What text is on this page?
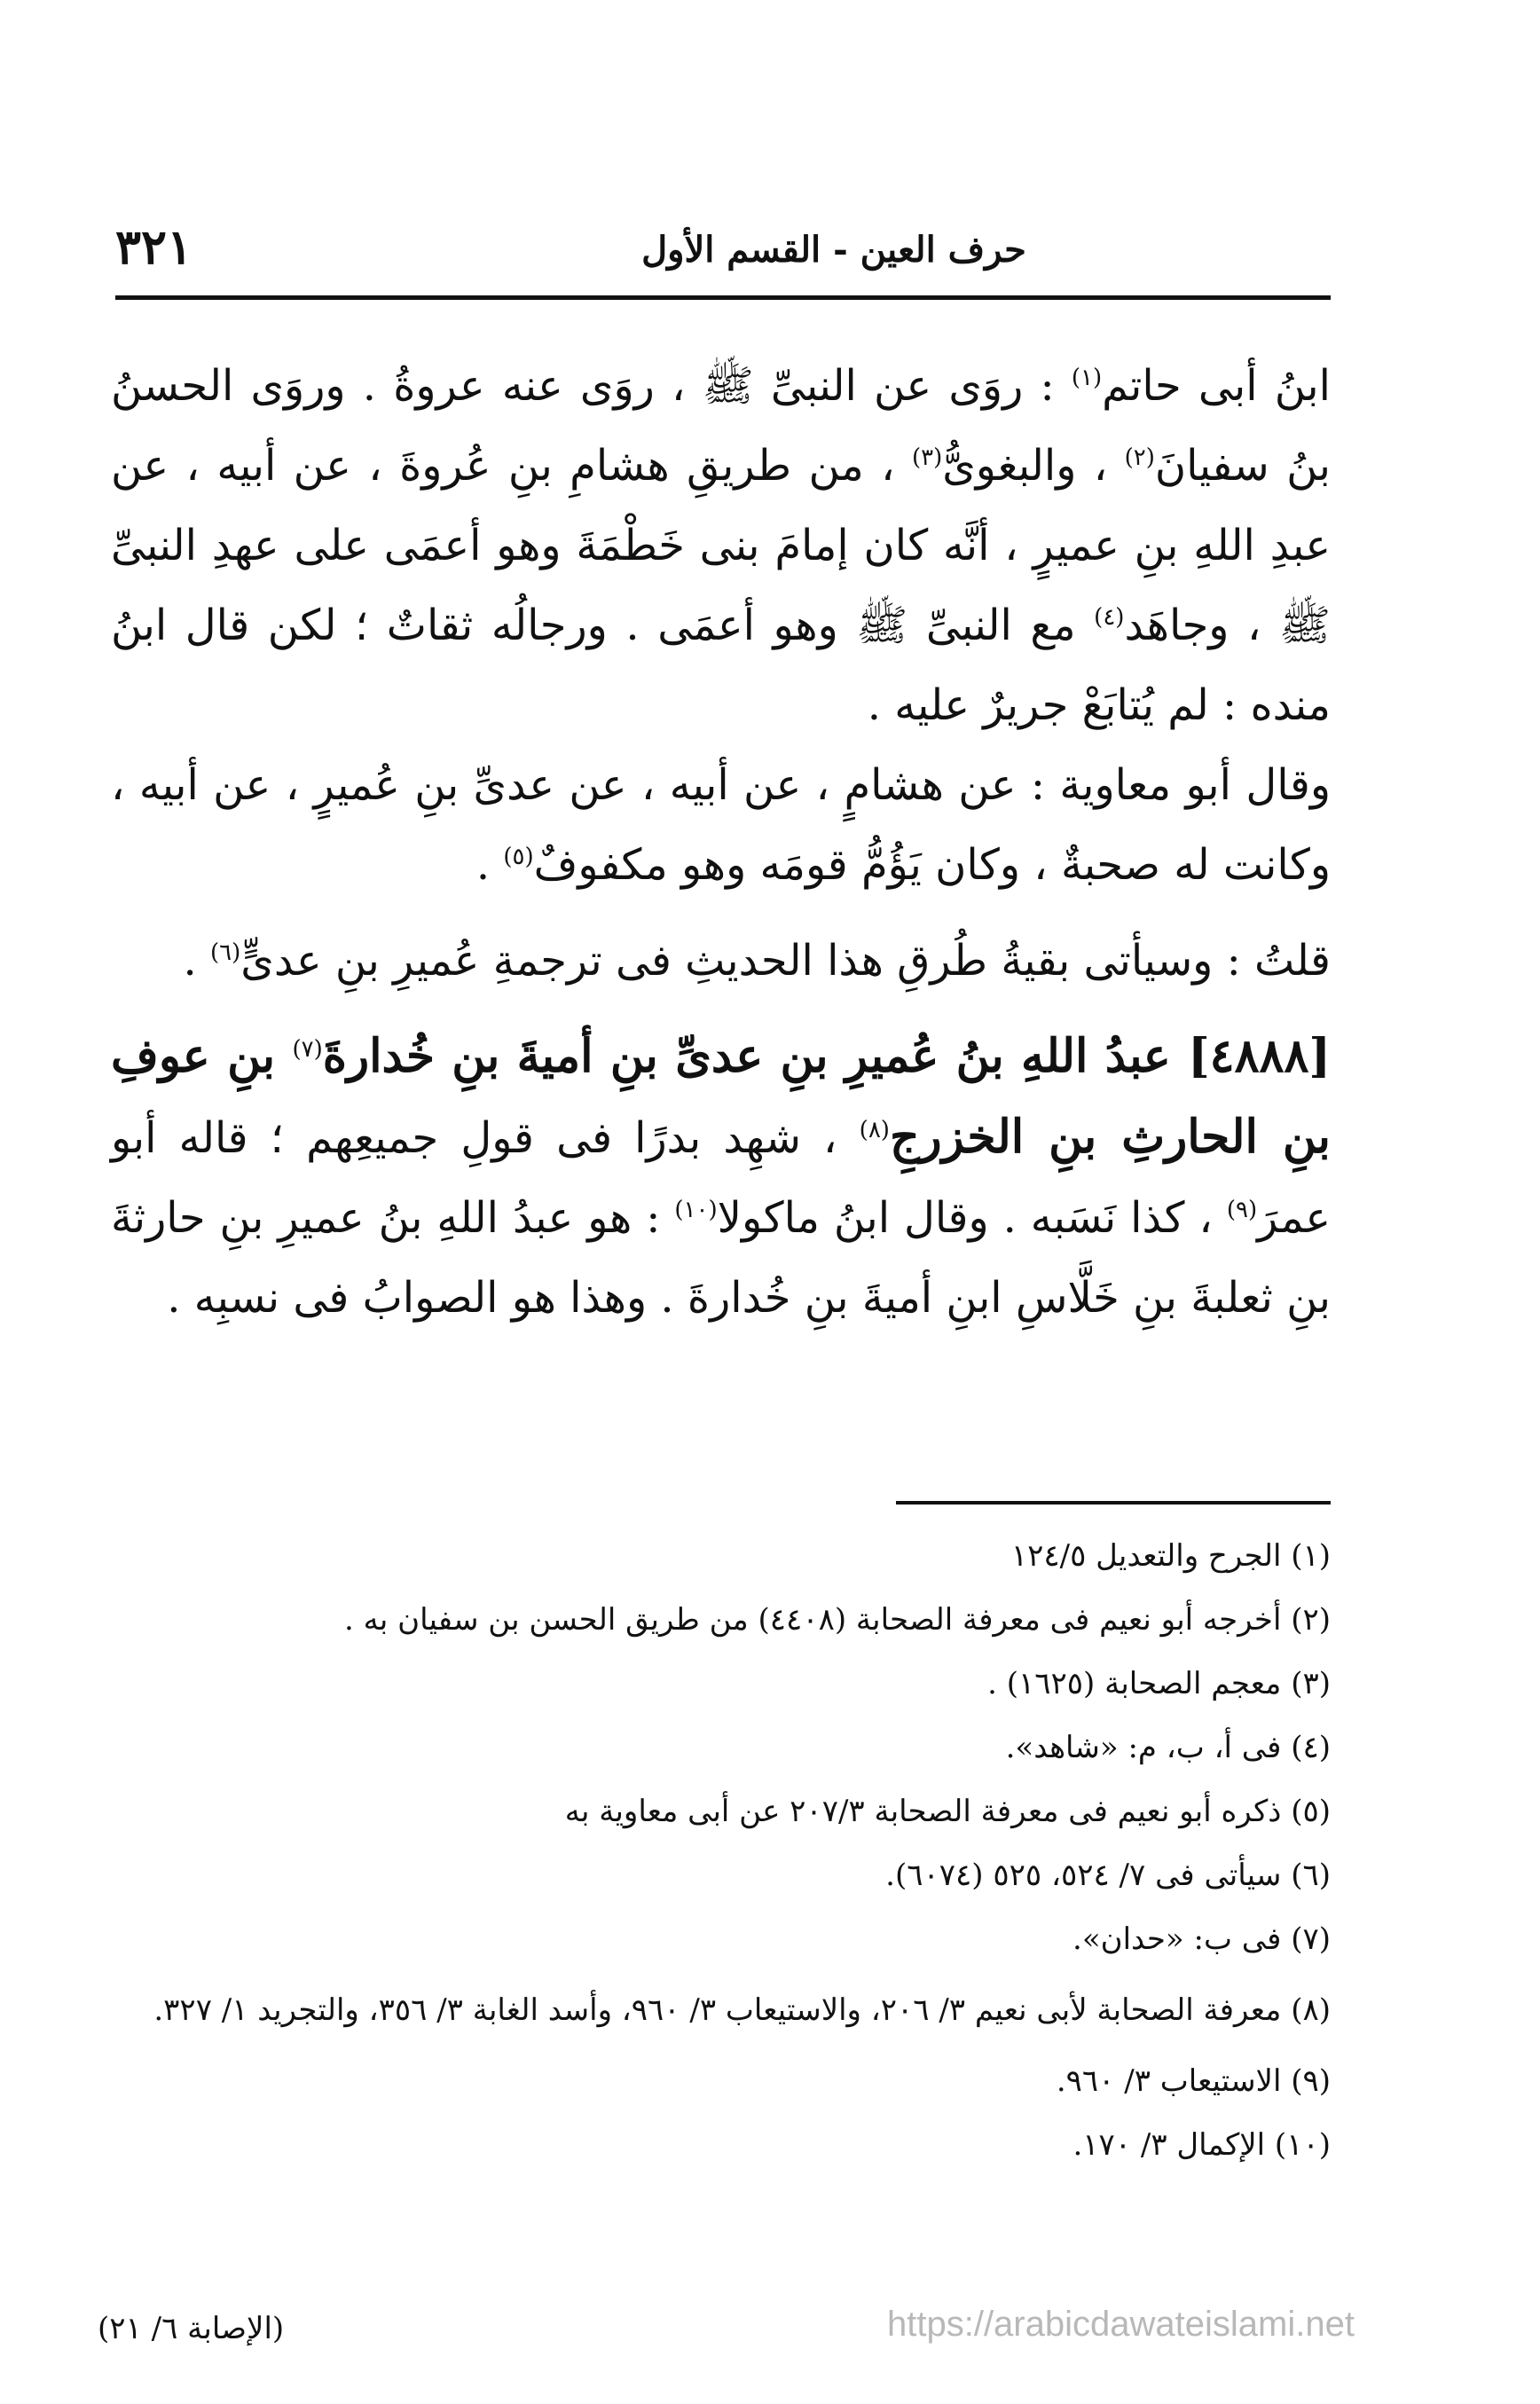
٣٢١	حرف العين - القسم الأول

ابنُ أبى حاتم$^{(١)}$ : روَى عن النبىِّ ﷺ ، روَى عنه عروةُ . وروَى الحسنُ بنُ سفيانَ$^{(٢)}$ ، والبغوىُّ$^{(٣)}$ ، من طريقِ هشامِ بنِ عُروةَ ، عن أبيه ، عن عبدِ اللهِ بنِ عميرٍ ، أنَّه كان إمامَ بنى خَطْمَةَ وهو أعمَى على عهدِ النبىِّ ﷺ ، وجاهَد$^{(٤)}$ مع النبىِّ ﷺ وهو أعمَى . ورجالُه ثقاتٌ ؛ لكن قال ابنُ منده : لم يُتابَعْ جريرٌ عليه .

وقال أبو معاوية : عن هشامٍ ، عن أبيه ، عن عدىِّ بنِ عُميرٍ ، عن أبيه ، وكانت له صحبةٌ ، وكان يَؤُمُّ قومَه وهو مكفوفٌ$^{(٥)}$ .

قلتُ : وسيأتى بقيةُ طُرقِ هذا الحديثِ فى ترجمةِ عُميرِ بنِ عدىٍّ$^{(٦)}$ .

[٤٨٨٨] عبدُ اللهِ بنُ عُميرِ بنِ عدىِّ بنِ أميةَ بنِ خُدارةَ$^{(٧)}$ بنِ عوفِ بنِ الحارثِ بنِ الخزرجِ$^{(٨)}$ ، شهِد بدرًا فى قولِ جميعِهم ؛ قاله أبو عمرَ$^{(٩)}$ ، كذا نَسَبه . وقال ابنُ ماكولا$^{(١٠)}$ : هو عبدُ اللهِ بنُ عميرِ بنِ حارثةَ بنِ ثعلبةَ بنِ خَلَّاسِ ابنِ أميةَ بنِ خُدارةَ . وهذا هو الصوابُ فى نسبِه .

(١) الجرح والتعديل ١٢٤/٥

(٢) أخرجه أبو نعيم فى معرفة الصحابة (٤٤٠٨) من طريق الحسن بن سفيان به .

(٣) معجم الصحابة (١٦٢٥) .

(٤) فى أ، ب، م: «شاهد».

(٥) ذكره أبو نعيم فى معرفة الصحابة ٢٠٧/٣ عن أبى معاوية به

(٦) سيأتى فى ٧/ ٥٢٤، ٥٢٥ (٦٠٧٤).

(٧) فى ب: «حدان».

(٨) معرفة الصحابة لأبى نعيم ٣/ ٢٠٦، والاستيعاب ٣/ ٩٦٠، وأسد الغابة ٣/ ٣٥٦، والتجريد ١/ ٣٢٧.

(٩) الاستيعاب ٣/ ٩٦٠.

(١٠) الإكمال ٣/ ١٧٠.

(الإصابة ٦/ ٢١)	https://arabicdawateislami.net
